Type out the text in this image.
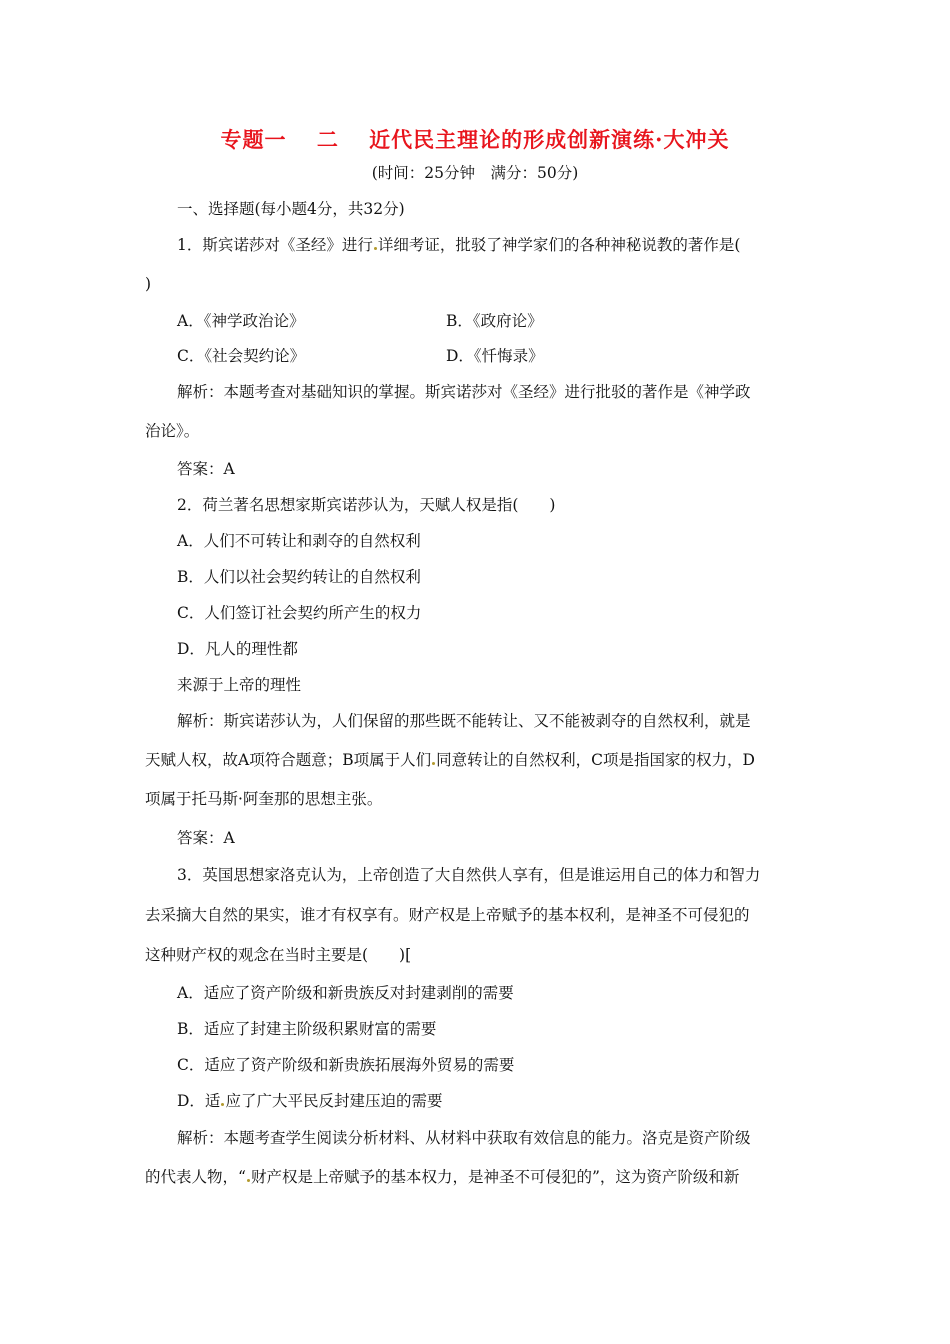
专题一　 二　 近代民主理论的形成创新演练·大冲关
(时间：25分钟　满分：50分)
一、选择题(每小题4分，共32分)
1．斯宾诺莎对《圣经》进行 详细考证，批驳了神学家们的各种神秘说教的著作是(
)
A．《神学政治论》	B．《政府论》
C．《社会契约论》	D．《忏悔录》
解析：本题考查对基础知识的掌握。斯宾诺莎对《圣经》进行批驳的著作是《神学政
治论》。
答案：A
2．荷兰著名思想家斯宾诺莎认为，天赋人权是指(　　)
A．人们不可转让和剥夺的自然权利
B．人们以社会契约转让的自然权利
C．人们签订社会契约所产生的权力
D．凡人的理性都
来源于上帝的理性
解析：斯宾诺莎认为，人们保留的那些既不能转让、又不能被剥夺的自然权利，就是
天赋人权，故A项符合题意；B项属于人们 同意转让的自然权利，C项是指国家的权力，D
项属于托马斯·阿奎那的思想主张。
答案：A
3．英国思想家洛克认为，上帝创造了大自然供人享有，但是谁运用自己的体力和智力
去采摘大自然的果实，谁才有权享有。财产权是上帝赋予的基本权利，是神圣不可侵犯的
这种财产权的观念在当时主要是(　　)[
A．适应了资产阶级和新贵族反对封建剥削的需要
B．适应了封建主阶级积累财富的需要
C．适应了资产阶级和新贵族拓展海外贸易的需要
D．适 应了广大平民反封建压迫的需要
解析：本题考查学生阅读分析材料、从材料中获取有效信息的能力。洛克是资产阶级
的代表人物，“ 财产权是上帝赋予的基本权力，是神圣不可侵犯的”，这为资产阶级和新
